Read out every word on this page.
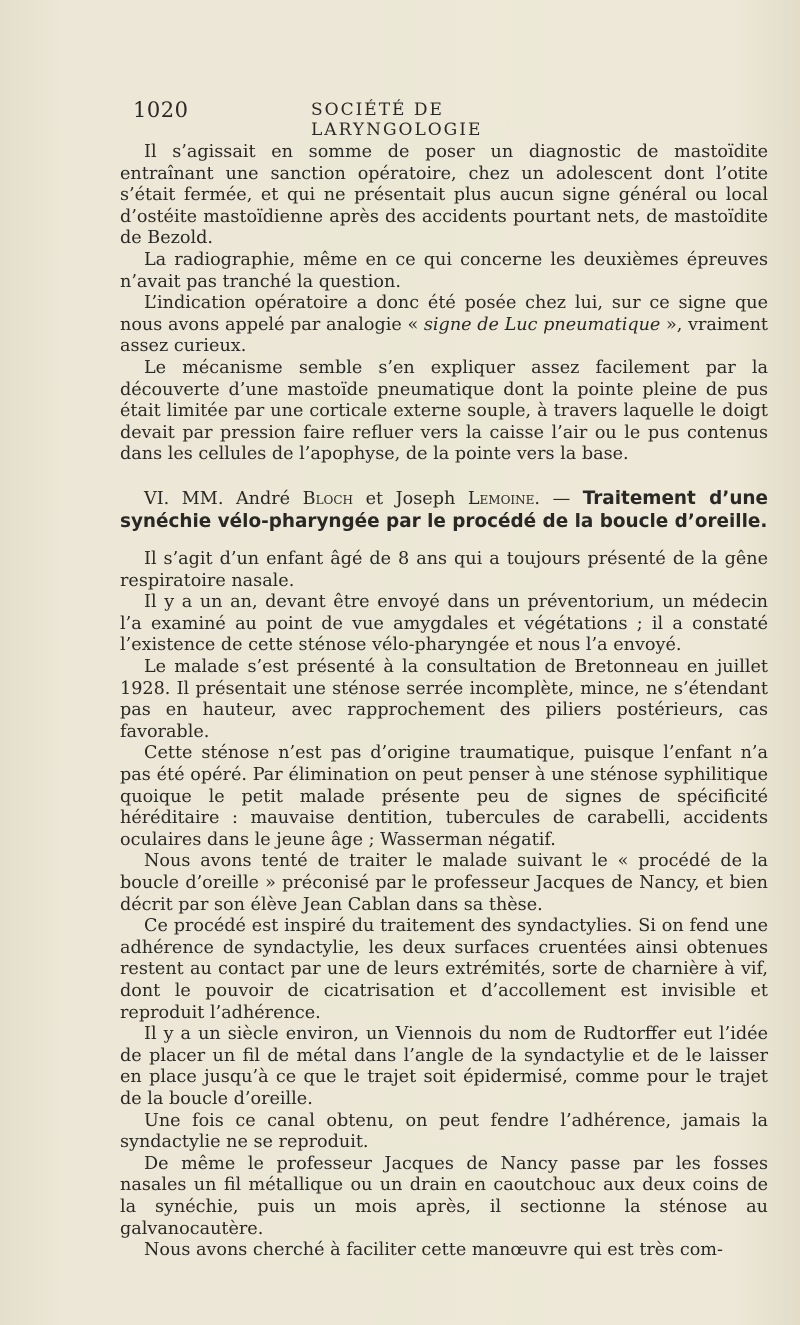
1020	SOCIÉTÉ DE LARYNGOLOGIE

Il s’agissait en somme de poser un diagnostic de mastoïdite entraînant une sanction opératoire, chez un adolescent dont l’otite s’était fermée, et qui ne présentait plus aucun signe général ou local d’ostéite mastoïdienne après des accidents pourtant nets, de mastoïdite de Bezold.

La radiographie, même en ce qui concerne les deuxièmes épreuves n’avait pas tranché la question.

L’indication opératoire a donc été posée chez lui, sur ce signe que nous avons appelé par analogie « signe de Luc pneumatique », vraiment assez curieux.

Le mécanisme semble s’en expliquer assez facilement par la découverte d’une mastoïde pneumatique dont la pointe pleine de pus était limitée par une corticale externe souple, à travers laquelle le doigt devait par pression faire refluer vers la caisse l’air ou le pus contenus dans les cellules de l’apophyse, de la pointe vers la base.

VI. MM. André Bloch et Joseph Lemoine. — Traitement d’une synéchie vélo-pharyngée par le procédé de la boucle d’oreille.

Il s’agit d’un enfant âgé de 8 ans qui a toujours présenté de la gêne respiratoire nasale.

Il y a un an, devant être envoyé dans un préventorium, un médecin l’a examiné au point de vue amygdales et végétations ; il a constaté l’existence de cette sténose vélo-pharyngée et nous l’a envoyé.

Le malade s’est présenté à la consultation de Bretonneau en juillet 1928. Il présentait une sténose serrée incomplète, mince, ne s’étendant pas en hauteur, avec rapprochement des piliers postérieurs, cas favorable.

Cette sténose n’est pas d’origine traumatique, puisque l’enfant n’a pas été opéré. Par élimination on peut penser à une sténose syphilitique quoique le petit malade présente peu de signes de spécificité héréditaire : mauvaise dentition, tubercules de carabelli, accidents oculaires dans le jeune âge ; Wasserman négatif.

Nous avons tenté de traiter le malade suivant le « procédé de la boucle d’oreille » préconisé par le professeur Jacques de Nancy, et bien décrit par son élève Jean Cablan dans sa thèse.

Ce procédé est inspiré du traitement des syndactylies. Si on fend une adhérence de syndactylie, les deux surfaces cruentées ainsi obtenues restent au contact par une de leurs extrémités, sorte de charnière à vif, dont le pouvoir de cicatrisation et d’accollement est invisible et reproduit l’adhérence.

Il y a un siècle environ, un Viennois du nom de Rudtorffer eut l’idée de placer un fil de métal dans l’angle de la syndactylie et de le laisser en place jusqu’à ce que le trajet soit épidermisé, comme pour le trajet de la boucle d’oreille.

Une fois ce canal obtenu, on peut fendre l’adhérence, jamais la syndactylie ne se reproduit.

De même le professeur Jacques de Nancy passe par les fosses nasales un fil métallique ou un drain en caoutchouc aux deux coins de la synéchie, puis un mois après, il sectionne la sténose au galvanocautère.

Nous avons cherché à faciliter cette manœuvre qui est très com-
